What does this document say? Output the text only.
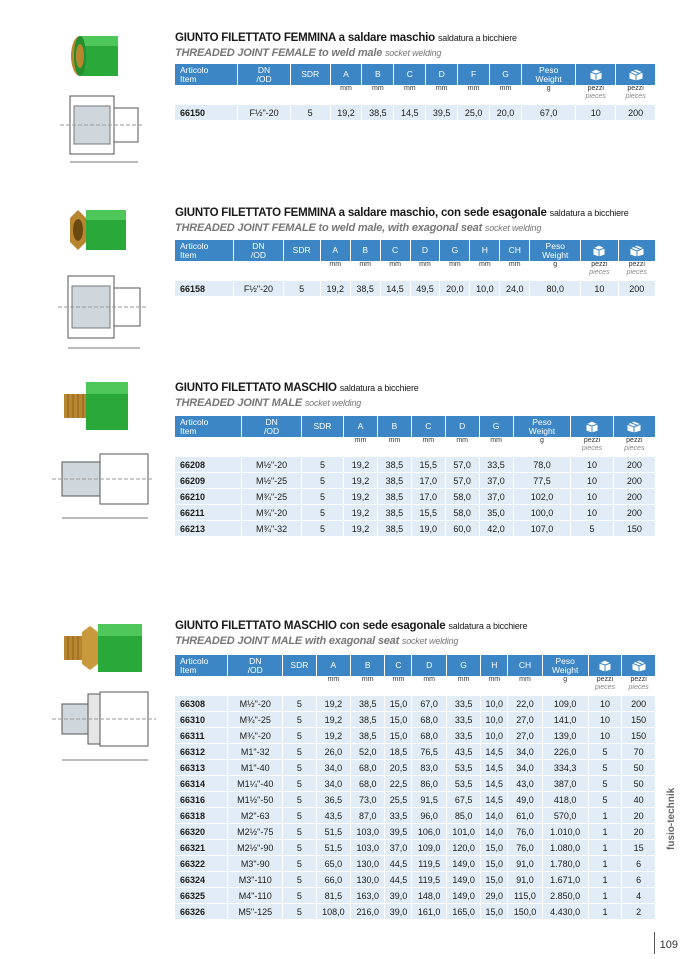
GIUNTO FILETTATO FEMMINA a saldare maschio saldatura a bicchiere
THREADED JOINT FEMALE to weld male socket welding
Articolo
Item	DN
/OD	SDR	A	B	C	D	F	G	Peso
Weight		
			mm	mm	mm	mm	mm	mm	g	pezzi
pieces	pezzi
pieces
66150	F½"-20	5	19,2	38,5	14,5	39,5	25,0	20,0	67,0	10	200
GIUNTO FILETTATO FEMMINA a saldare maschio, con sede esagonale saldatura a bicchiere
THREADED JOINT FEMALE to weld male, with exagonal seat socket welding
Articolo
Item	DN
/OD	SDR	A	B	C	D	G	H	CH	Peso
Weight		
			mm	mm	mm	mm	mm	mm	mm	g	pezzi
pieces	pezzi
pieces
66158	F½"-20	5	19,2	38,5	14,5	49,5	20,0	10,0	24,0	80,0	10	200
GIUNTO FILETTATO MASCHIO saldatura a bicchiere
THREADED JOINT MALE socket welding
Articolo
Item	DN
/OD	SDR	A	B	C	D	G	Peso
Weight		
			mm	mm	mm	mm	mm	g	pezzi
pieces	pezzi
pieces
66208	M½"-20	5	19,2	38,5	15,5	57,0	33,5	78,0	10	200
66209	M½"-25	5	19,2	38,5	17,0	57,0	37,0	77,5	10	200
66210	M¾"-25	5	19,2	38,5	17,0	58,0	37,0	102,0	10	200
66211	M¾"-20	5	19,2	38,5	15,5	58,0	35,0	100,0	10	200
66213	M¾"-32	5	19,2	38,5	19,0	60,0	42,0	107,0	5	150
GIUNTO FILETTATO MASCHIO con sede esagonale saldatura a bicchiere
THREADED JOINT MALE with exagonal seat socket welding
Articolo
Item	DN
/OD	SDR	A	B	C	D	G	H	CH	Peso
Weight		
			mm	mm	mm	mm	mm	mm	mm	g	pezzi
pieces	pezzi
pieces
66308	M½"-20	5	19,2	38,5	15,0	67,0	33,5	10,0	22,0	109,0	10	200
66310	M¾"-25	5	19,2	38,5	15,0	68,0	33,5	10,0	27,0	141,0	10	150
66311	M¾"-20	5	19,2	38,5	15,0	68,0	33,5	10,0	27,0	139,0	10	150
66312	M1"-32	5	26,0	52,0	18,5	76,5	43,5	14,5	34,0	226,0	5	70
66313	M1"-40	5	34,0	68,0	20,5	83,0	53,5	14,5	34,0	334,3	5	50
66314	M1¼"-40	5	34,0	68,0	22,5	86,0	53,5	14,5	43,0	387,0	5	50
66316	M1½"-50	5	36,5	73,0	25,5	91,5	67,5	14,5	49,0	418,0	5	40
66318	M2"-63	5	43,5	87,0	33,5	96,0	85,0	14,0	61,0	570,0	1	20
66320	M2½"-75	5	51,5	103,0	39,5	106,0	101,0	14,0	76,0	1.010,0	1	20
66321	M2½"-90	5	51,5	103,0	37,0	109,0	120,0	15,0	76,0	1.080,0	1	15
66322	M3"-90	5	65,0	130,0	44,5	119,5	149,0	15,0	91,0	1.780,0	1	6
66324	M3"-110	5	66,0	130,0	44,5	119,5	149,0	15,0	91,0	1.671,0	1	6
66325	M4"-110	5	81,5	163,0	39,0	148,0	149,0	29,0	115,0	2.850,0	1	4
66326	M5"-125	5	108,0	216,0	39,0	161,0	165,0	15,0	150,0	4.430,0	1	2
fusio-technik
109
